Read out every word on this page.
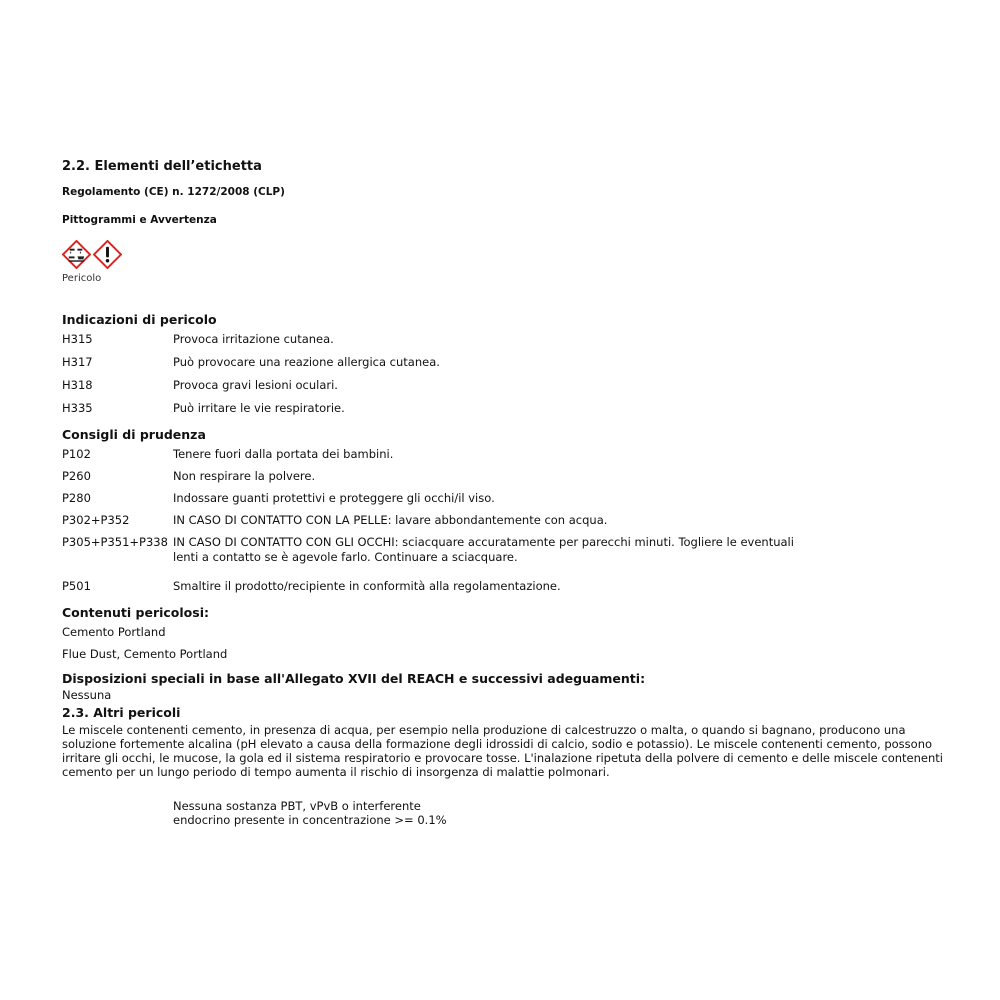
2.2. Elementi dell’etichetta
Regolamento (CE) n. 1272/2008 (CLP)
Pittogrammi e Avvertenza
Pericolo
Indicazioni di pericolo
H315	Provoca irritazione cutanea.
H317	Può provocare una reazione allergica cutanea.
H318	Provoca gravi lesioni oculari.
H335	Può irritare le vie respiratorie.
Consigli di prudenza
P102	Tenere fuori dalla portata dei bambini.
P260	Non respirare la polvere.
P280	Indossare guanti protettivi e proteggere gli occhi/il viso.
P302+P352	IN CASO DI CONTATTO CON LA PELLE: lavare abbondantemente con acqua.
P305+P351+P338 IN CASO DI CONTATTO CON GLI OCCHI: sciacquare accuratamente per parecchi minuti. Togliere le eventuali lenti a contatto se è agevole farlo. Continuare a sciacquare.
P501	Smaltire il prodotto/recipiente in conformità alla regolamentazione.
Contenuti pericolosi:
Cemento Portland
Flue Dust, Cemento Portland
Disposizioni speciali in base all'Allegato XVII del REACH e successivi adeguamenti:
Nessuna
2.3. Altri pericoli

Le miscele contenenti cemento, in presenza di acqua, per esempio nella produzione di calcestruzzo o malta, o quando si bagnano, producono una soluzione fortemente alcalina (pH elevato a causa della formazione degli idrossidi di calcio, sodio e potassio). Le miscele contenenti cemento, possono irritare gli occhi, le mucose, la gola ed il sistema respiratorio e provocare tosse. L'inalazione ripetuta della polvere di cemento e delle miscele contenenti cemento per un lungo periodo di tempo aumenta il rischio di insorgenza di malattie polmonari.

Nessuna sostanza PBT, vPvB o interferente
endocrino presente in concentrazione >= 0.1%
